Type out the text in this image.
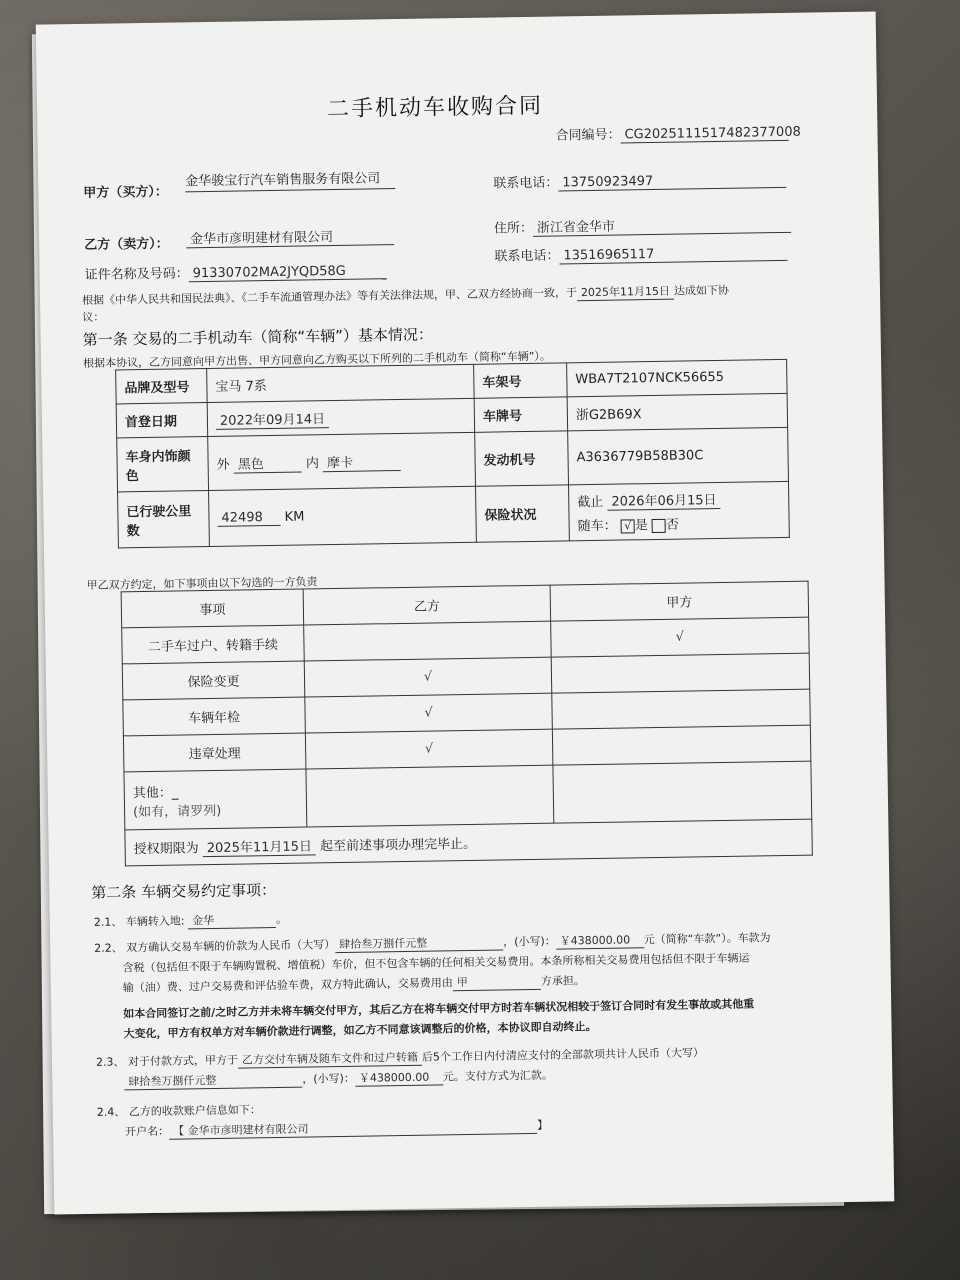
二手机动车收购合同
合同编号： CG20251115174823770​08
甲方（买方）：
金华骏宝行汽车销售服务有限公司	联系电话： 13750923497
乙方（卖方）：	金华市彦明建材有限公司
住所： 浙江省金华市
联系电话： 13516965117
证件名称及号码： 91330702MA2JYQD58G
根据《中华人民共和国民法典》、《二手车流通管理办法》等有关法律法规，甲、乙双方经协商一致，于 2025年11月15日 达成如下协
议：
第一条 交易的二手机动车（简称“车辆”）基本情况：
根据本协议，乙方同意向甲方出售、甲方同意向乙方购买以下所列的二手机动车（简称“车辆”）。
品牌及型号	宝马 7系	车架号	WBA7T2107NCK56655
首登日期	2022年09月14日	车牌号	浙G2B69X
车身内饰颜色	外 黑色 内 摩卡	发动机号	A3636779B58B30C
已行驶公里数	42498 KM	保险状况	截止 2026年06月15日
随车： √ 是 否
甲乙双方约定，如下事项由以下勾选的一方负责
事项	乙方	甲方
二手车过户、转籍手续		√
保险变更	√	
车辆年检	√	
违章处理	√	

其他：_
(如有，请罗列)		

授权期限为 2025年11月15日 起至前述事项办理完毕止。		
第二条 车辆交易约定事项：
2.1、 车辆转入地: 金华	。
2.2、 双方确认交易车辆的价款为人民币（大写） 肆拾叁万捌仟元整	，(小写)： ￥438000.00 元（简称“车款”）。车款为
含税（包括但不限于车辆购置税、增值税）车价，但不包含车辆的任何相关交易费用。本条所称相关交易费用包括但不限于车辆运
输（油）费、过户交易费和评估验车费，双方特此确认，交易费用由 甲	方承担。
如本合同签订之前/之时乙方并未将车辆交付甲方，其后乙方在将车辆交付甲方时若车辆状况相较于签订合同时有发生事故或其他重
大变化，甲方有权单方对车辆价款进行调整，如乙方不同意该调整后的价格，本协议即自动终止。
2.3、 对于付款方式，甲方于 乙方交付车辆及随车文件和过户转籍 后5个工作日内付清应支付的全部款项共计人民币（大写）
肆拾叁万捌仟元整	，(小写)： ￥438000.00 元。支付方式为汇款。
2.4、 乙方的收款账户信息如下：
开户名： 【 金华市彦明建材有限公司	】
